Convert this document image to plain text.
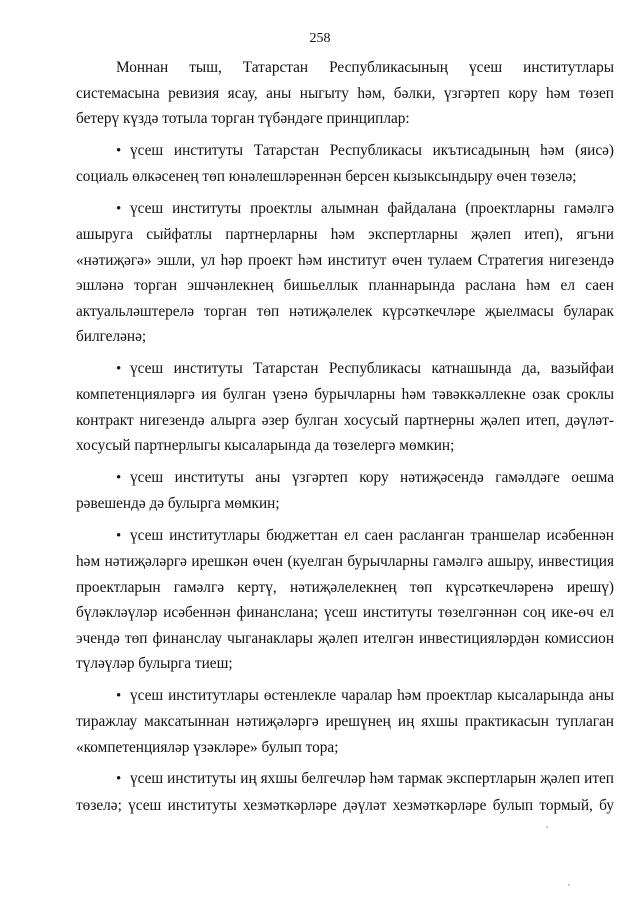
258

Моннан тыш, Татарстан Республикасының үсеш институтлары системасына ревизия ясау, аны ныгыту һәм, бәлки, үзгәртеп кору һәм төзеп бетерү күздә тотыла торган түбәндәге принциплар:

• үсеш институты Татарстан Республикасы икътисадының һәм (яисә) социаль өлкәсенең төп юнәлешләреннән берсен кызыксындыру өчен төзелә;

• үсеш институты проектлы алымнан файдалана (проектларны гамәлгә ашыруга сыйфатлы партнерларны һәм экспертларны җәлеп итеп), ягъни «нәтиҗәгә» эшли, ул һәр проект һәм институт өчен тулаем Стратегия нигезендә эшләнә торган эшчәнлекнең бишьеллык планнарында раслана һәм ел саен актуальләштерелә торган төп нәтиҗәлелек күрсәткечләре җыелмасы буларак билгеләнә;

• үсеш институты Татарстан Республикасы катнашында да, вазыйфаи компетенцияләргә ия булган үзенә бурычларны һәм тәвәккәллекне озак сроклы контракт нигезендә алырга әзер булган хосусый партнерны җәлеп итеп, дәүләт-хосусый партнерлыгы кысаларында да төзелергә мөмкин;

• үсеш институты аны үзгәртеп кору нәтиҗәсендә гамәлдәге оешма рәвешендә дә булырга мөмкин;

• үсеш институтлары бюджеттан ел саен расланган траншелар исәбеннән һәм нәтиҗәләргә ирешкән өчен (куелган бурычларны гамәлгә ашыру, инвестиция проектларын гамәлгә кертү, нәтиҗәлелекнең төп күрсәткечләренә ирешү) бүләкләүләр исәбеннән финанслана; үсеш институты төзелгәннән соң ике-өч ел эчендә төп финанслау чыганаклары җәлеп ителгән инвестицияләрдән комиссион түләүләр булырга тиеш;

• үсеш институтлары өстенлекле чаралар һәм проектлар кысаларында аны тиражлау максатыннан нәтиҗәләргә ирешүнең иң яхшы практикасын туплаган «компетенцияләр үзәкләре» булып тора;

• үсеш институты иң яхшы белгечләр һәм тармак экспертларын җәлеп итеп төзелә; үсеш институты хезмәткәрләре дәүләт хезмәткәрләре булып тормый, бу
